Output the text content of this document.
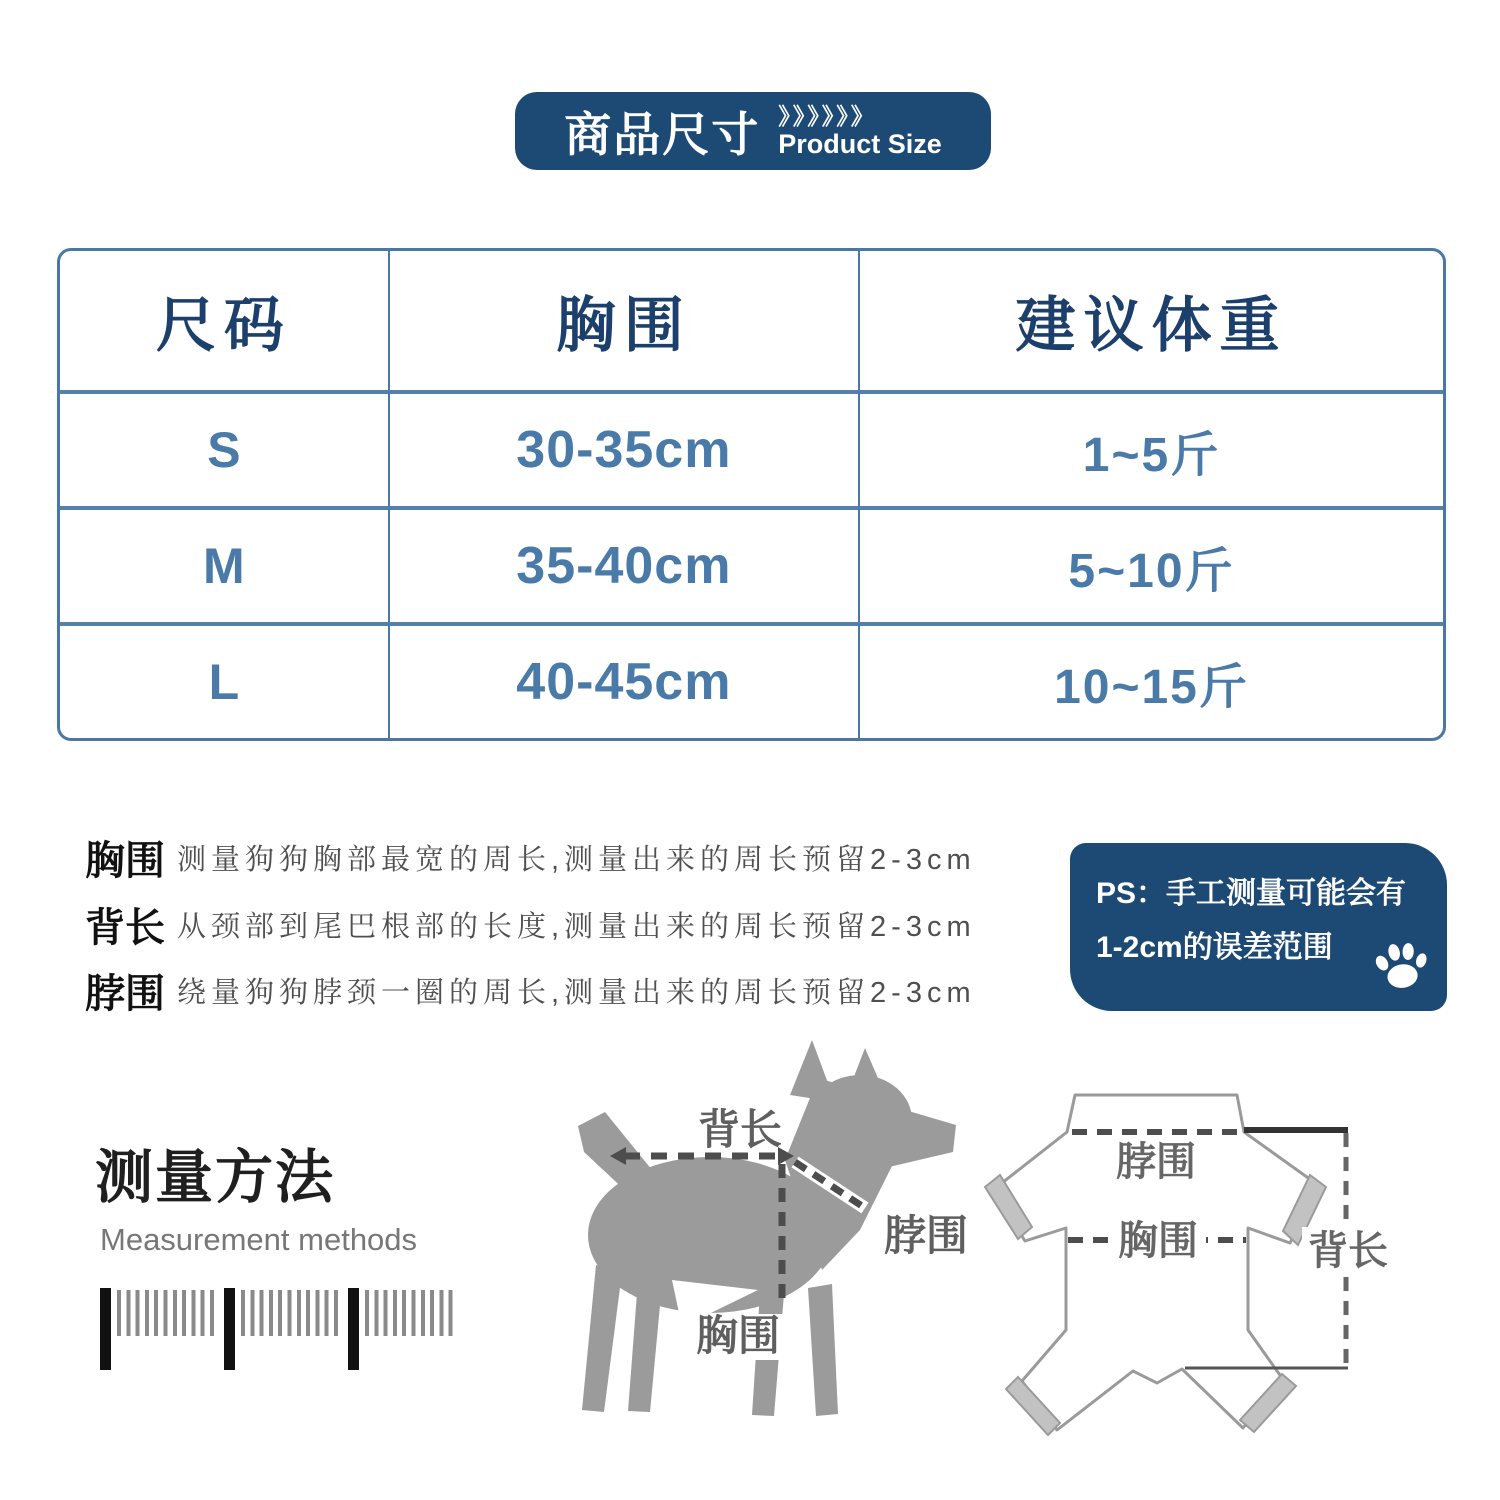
商品尺寸 》》》》》》
Product Size
尺码	胸围	建议体重
S	30-35cm	1~5斤
M	35-40cm	5~10斤
L	40-45cm	10~15斤
胸围 测量狗狗胸部最宽的周长,测量出来的周长预留2-3cm
背长 从颈部到尾巴根部的长度,测量出来的周长预留2-3cm
脖围 绕量狗狗脖颈一圈的周长,测量出来的周长预留2-3cm
PS：手工测量可能会有
1-2cm的误差范围
测量方法
Measurement methods
背长
脖围
胸围
脖围
胸围	背长
